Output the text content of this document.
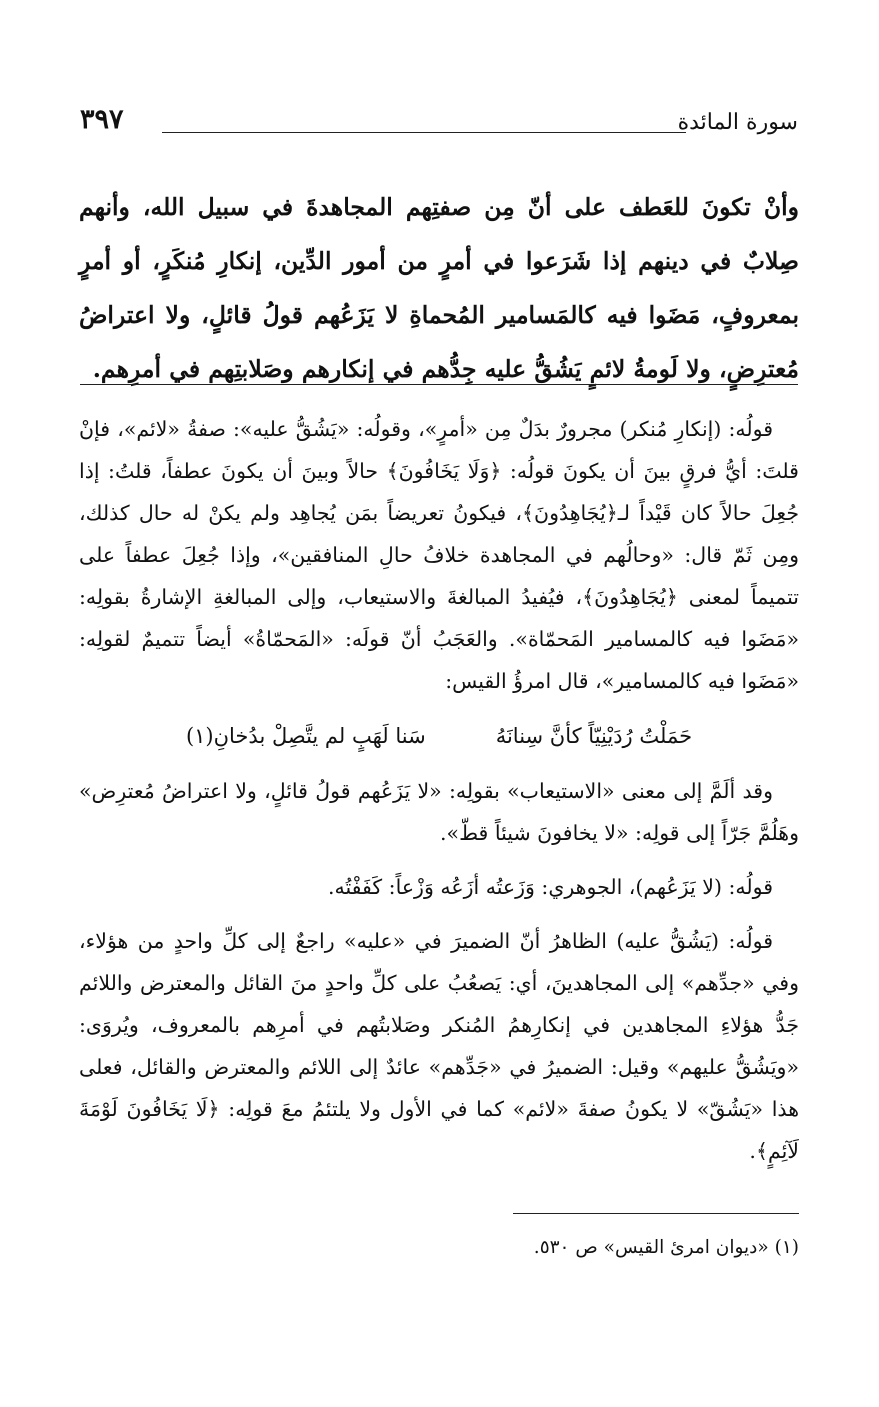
سورة المائدة
٣٩٧

وأنْ تكونَ للعَطف على أنّ مِن صفتِهم المجاهدةَ في سبيل الله، وأنهم صِلابٌ في دينهم إذا شَرَعوا في أمرٍ من أمور الدِّين، إنكارِ مُنكَرٍ، أو أمرٍ بمعروفٍ، مَضَوا فيه كالمَسامير المُحماةِ لا يَزَعُهم قولُ قائلٍ، ولا اعتراضُ مُعترِضٍ، ولا لَومةُ لائمٍ يَشُقُّ عليه جِدُّهم في إنكارهم وصَلابتِهم في أمرِهم.

قولُه: (إنكارِ مُنكر) مجرورٌ بدَلٌ مِن «أمرٍ»، وقولُه: «يَشُقُّ عليه»: صفةُ «لائم»، فإنْ قلتَ: أيُّ فرقٍ بينَ أن يكونَ قولُه: ﴿وَلَا يَخَافُونَ﴾ حالاً وبينَ أن يكونَ عطفاً، قلتُ: إذا جُعِلَ حالاً كان قَيْداً لـ﴿يُجَاهِدُونَ﴾، فيكونُ تعريضاً بمَن يُجاهِد ولم يكنْ له حال كذلك، ومِن ثَمّ قال: «وحالُهم في المجاهدة خلافُ حالِ المنافقين»، وإذا جُعِلَ عطفاً على تتميماً لمعنى ﴿يُجَاهِدُونَ﴾، فيُفيدُ المبالغةَ والاستيعاب، وإلى المبالغةِ الإشارةُ بقولِه: «مَضَوا فيه كالمسامير المَحمّاة». والعَجَبُ أنّ قولَه: «المَحمّاةُ» أيضاً تتميمٌ لقولِه: «مَضَوا فيه كالمسامير»، قال امرؤُ القيس:

حَمَلْتُ رُدَيْنِيّاً كأنَّ سِنانَهُ
سَنا لَهَبٍ لم يتَّصِلْ بدُخانِ(١)

وقد ألَمَّ إلى معنى «الاستيعاب» بقولِه: «لا يَزَعُهم قولُ قائلٍ، ولا اعتراضُ مُعترِض» وهَلُمَّ جَرّاً إلى قولِه: «لا يخافونَ شيئاً قطّ».

قولُه: (لا يَزَعُهم)، الجوهري: وَزَعتُه أزَعُه وَزْعاً: كَفَفْتُه.

قولُه: (يَشُقُّ عليه) الظاهرُ أنّ الضميرَ في «عليه» راجعٌ إلى كلِّ واحدٍ من هؤلاء، وفي «جدِّهم» إلى المجاهدينَ، أي: يَصعُبُ على كلِّ واحدٍ منَ القائل والمعترض واللائم جَدُّ هؤلاءِ المجاهدين في إنكارِهمُ المُنكر وصَلابتُهم في أمرِهم بالمعروف، ويُروَى: «ويَشُقُّ عليهم» وقيل: الضميرُ في «جَدِّهم» عائدٌ إلى اللائم والمعترض والقائل، فعلى هذا «يَشُقّ» لا يكونُ صفةَ «لائم» كما في الأول ولا يلتئمُ معَ قولِه: ﴿لَا يَخَافُونَ لَوْمَةَ لَآئِمٍ﴾.

(١) «ديوان امرئ القيس» ص ٥٣٠.
